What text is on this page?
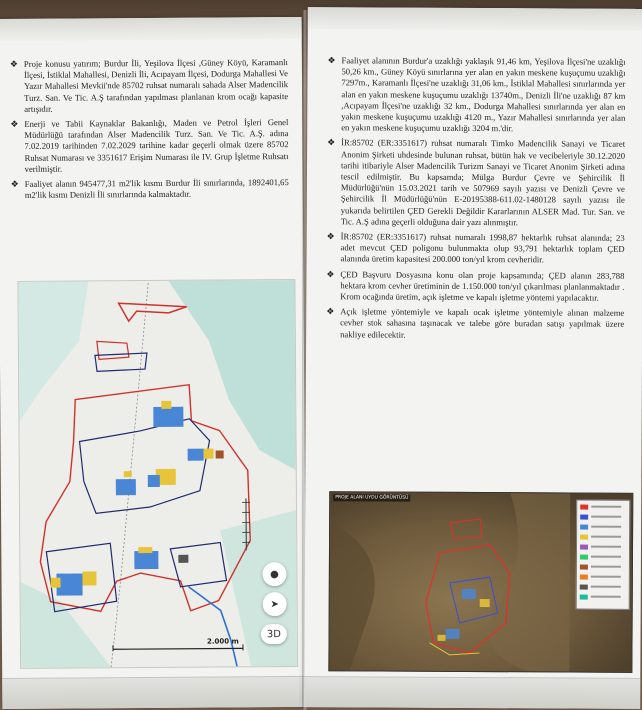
❖ Proje konusu yatırım; Burdur İli, Yeşilova İlçesi ,Güney Köyü, Karamanlı İlçesi, İstiklal Mahallesi, Denizli İli, Acıpayam İlçesi, Dodurga Mahallesi Ve Yazır Mahallesi Mevkii'nde 85702 ruhsat numaralı sahada Alser Madencilik Turz. San. Ve Tic. A.Ş tarafından yapılması planlanan krom ocağı kapasite artışıdır.
❖ Enerji ve Tabii Kaynaklar Bakanlığı, Maden ve Petrol İşleri Genel Müdürlüğü tarafından Alser Madencilik Turz. San. Ve Tic. A.Ş. adına 7.02.2019 tarihinden 7.02.2029 tarihine kadar geçerli olmak üzere 85702 Ruhsat Numarası ve 3351617 Erişim Numarası ile IV. Grup İşletme Ruhsatı verilmiştir.
❖ Faaliyet alanın 945477,31 m2'lik kısmı Burdur İli sınırlarında, 1892401,65 m2'lik kısmı Denizli İli sınırlarında kalmaktadır.
●
➤
3D
2.000 m
❖ Faaliyet alanının Burdur'a uzaklığı yaklaşık 91,46 km, Yeşilova İlçesi'ne uzaklığı 50,26 km., Güney Köyü sınırlarına yer alan en yakın meskene kuşuçumu uzaklığı 7297m., Karamanlı İlçesi'ne uzaklığı 31,06 km., İstiklal Mahallesi sınırlarında yer alan en yakın meskene kuşuçumu uzaklığı 13740m., Denizli İli'ne uzaklığı 87 km ,Acıpayam İlçesi'ne uzaklığı 32 km., Dodurga Mahallesi sınırlarında yer alan en yakın meskene kuşuçumu uzaklığı 4120 m., Yazır Mahallesi sınırlarında yer alan en yakın meskene kuşuçumu uzaklığı 3204 m.'dir.
❖ İR:85702 (ER:3351617) ruhsat numaralı Timko Madencilik Sanayi ve Ticaret Anonim Şirketi uhdesinde bulunan ruhsat, bütün hak ve vecibeleriyle 30.12.2020 tarihi itibariyle Alser Madencilik Turizm Sanayi ve Ticaret Anonim Şirketi adına tescil edilmiştir. Bu kapsamda; Mülga Burdur Çevre ve Şehircilik İl Müdürlüğü'nün 15.03.2021 tarih ve 507969 sayılı yazısı ve Denizli Çevre ve Şehircilik İl Müdürlüğü'nün E-20195388-611.02-1480128 sayılı yazısı ile yukarıda belirtilen ÇED Gerekli Değildir Kararlarının ALSER Mad. Tur. San. ve Tic. A.Ş adına geçerli olduğuna dair yazı alınmıştır.
❖ İR:85702 (ER:3351617) ruhsat numaralı 1998,87 hektarlık ruhsat alanında; 23 adet mevcut ÇED poligonu bulunmakta olup 93,791 hektarlık toplam ÇED alanında üretim kapasitesi 200.000 ton/yıl krom cevheridir.
❖ ÇED Başvuru Dosyasına konu olan proje kapsamında; ÇED alanın 283,788 hektara krom cevher üretiminin de 1.150.000 ton/yıl çıkarılması planlanmaktadır . Krom ocağında üretim, açık işletme ve kapalı işletme yöntemi yapılacaktır.
❖ Açık işletme yöntemiyle ve kapalı ocak işletme yöntemiyle alınan malzeme cevher stok sahasına taşınacak ve talebe göre buradan satışı yapılmak üzere nakliye edilecektir.
PROJE ALANI UYDU GÖRÜNTÜSÜ
